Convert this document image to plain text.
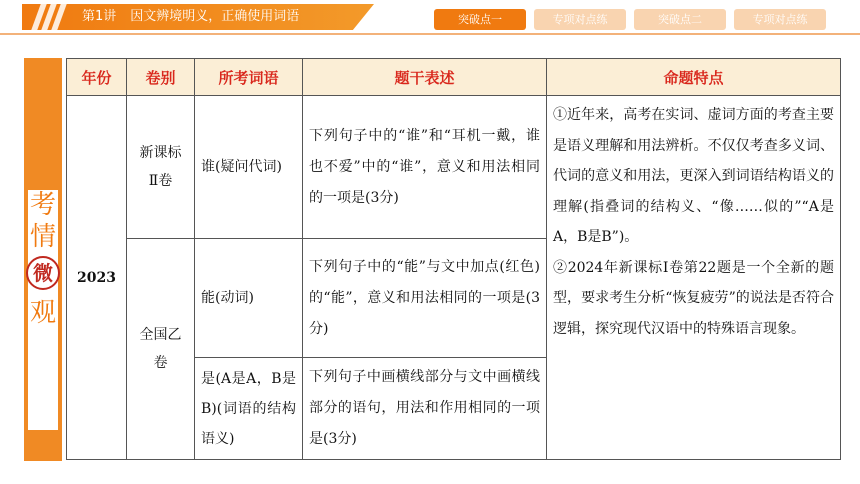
第1讲 因文辨境明义，正确使用词语	突破点一	专项对点练	突破点二	专项对点练
考
情
微
观
年份	卷别	所考词语	题干表述	命题特点
2023	新课标Ⅱ卷	谁(疑问代词)	下列句子中的“谁”和“耳机一戴，谁也不爱”中的“谁”，意义和用法相同的一项是(3分)	①近年来，高考在实词、虚词方面的考查主要是语义理解和用法辨析。不仅仅考查多义词、代词的意义和用法，更深入到词语结构语义的理解(指叠词的结构义、“像……似的”“A是A，B是B”)。
②2024年新课标Ⅰ卷第22题是一个全新的题型，要求考生分析“恢复疲劳”的说法是否符合逻辑，探究现代汉语中的特殊语言现象。

	全国乙卷	能(动词)	下列句子中的“能”与文中加点(红色)的“能”，意义和用法相同的一项是(3分)	
		是(A是A，B是B)(词语的结构语义)	下列句子中画横线部分与文中画横线部分的语句，用法和作用相同的一项是(3分)	
